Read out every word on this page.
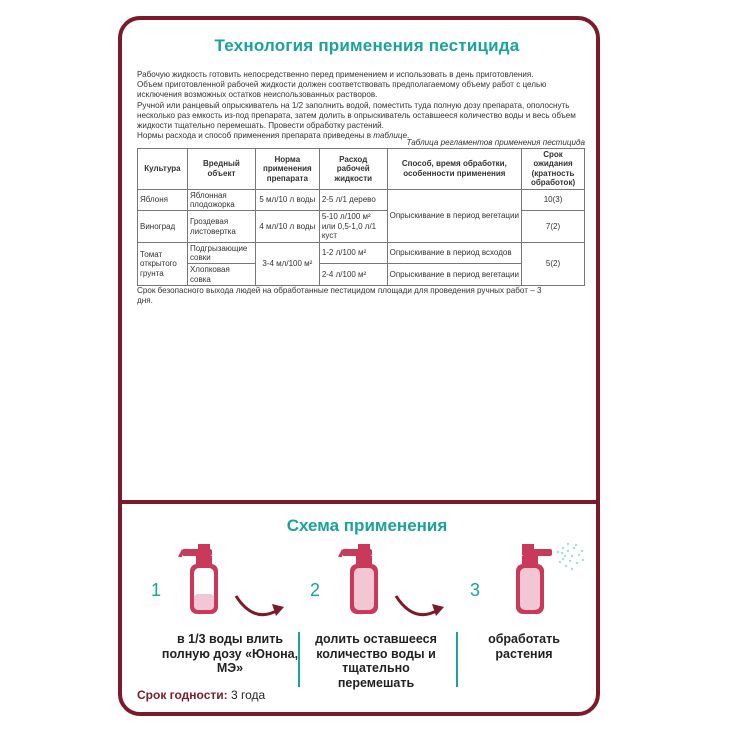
Технология применения пестицида

Рабочую жидкость готовить непосредственно перед применением и использовать в день приготовления.

Объем приготовленной рабочей жидкости должен соответствовать предполагаемому объему работ с целью исключения возможных остатков неиспользованных растворов.

Ручной или ранцевый опрыскиватель на 1/2 заполнить водой, поместить туда полную дозу препарата, ополоснуть несколько раз емкость из-под препарата, затем долить в опрыскиватель оставшееся количество воды и весь объем жидкости тщательно перемешать. Провести обработку растений.

Нормы расхода и способ применения препарата приведены в таблице.

Таблица регламентов применения пестицида
Культура	Вредный объект	Норма применения препарата	Расход рабочей жидкости	Способ, время обработки, особенности применения	Срок ожидания (кратность обработок)
Яблоня	Яблонная плодожорка	5 мл/10 л воды	2-5 л/1 дерево	Опрыскивание в период вегетации	10(3)
Виноград	Гроздевая листовертка	4 мл/10 л воды	5-10 л/100 м² или 0,5-1,0 л/1 куст		7(2)
Томат открытого грунта	Подгрызающие совки	3-4 мл/100 м²	1-2 л/100 м²	Опрыскивание в период всходов	5(2)
	Хлопковая совка		2-4 л/100 м²	Опрыскивание в период вегетации	
Срок безопасного выхода людей на обработанные пестицидом площади для проведения ручных работ – 3 дня.
Схема применения
1	2	3
в 1/3 воды влить полную дозу «Юнона, МЭ»
долить оставшееся количество воды и тщательно перемешать
обработать растения
Срок годности: 3 года
